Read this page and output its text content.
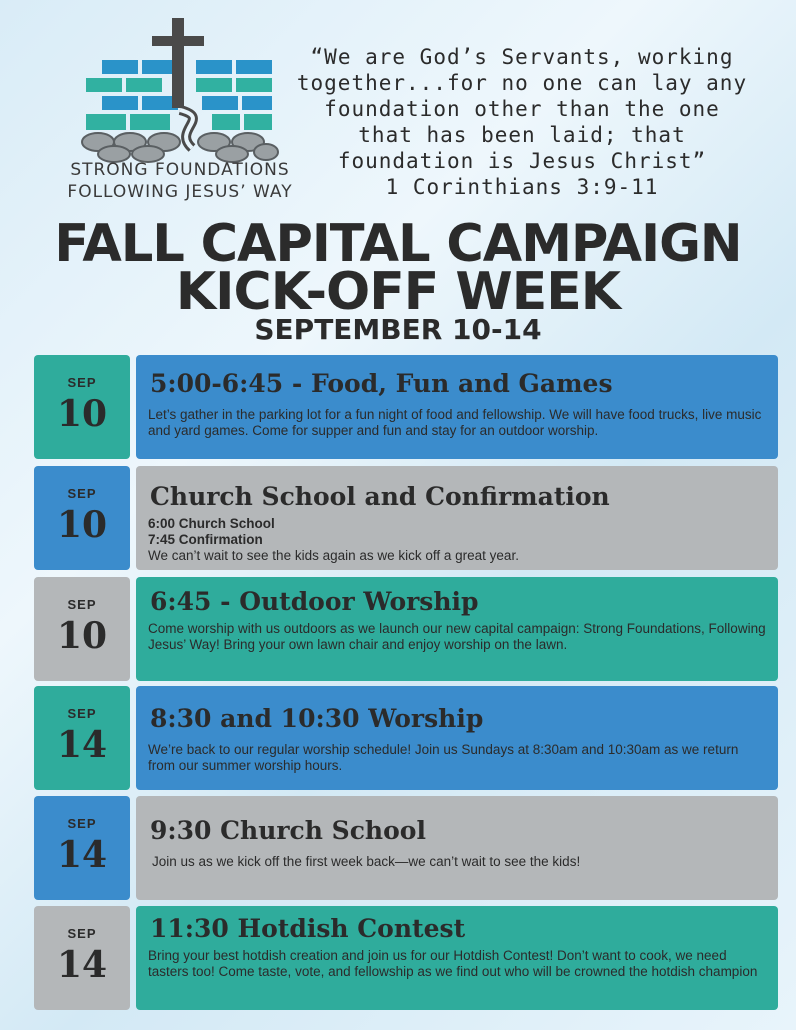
STRONG FOUNDATIONS
FOLLOWING JESUS’ WAY
“We are God’s Servants, working
together...for no one can lay any
foundation other than the one
that has been laid; that
foundation is Jesus Christ”
1 Corinthians 3:9-11
FALL CAPITAL CAMPAIGN
KICK-OFF WEEK
SEPTEMBER 10-14
SEP
10
5:00-6:45 - Food, Fun and Games
Let’s gather in the parking lot for a fun night of food and fellowship. We will have food trucks, live music and yard games. Come for supper and fun and stay for an outdoor worship.
SEP
10
Church School and Confirmation
6:00 Church School
7:45 Confirmation
We can’t wait to see the kids again as we kick off a great year.
SEP
10
6:45 - Outdoor Worship
Come worship with us outdoors as we launch our new capital campaign: Strong Foundations, Following Jesus’ Way! Bring your own lawn chair and enjoy worship on the lawn.
SEP
14
8:30 and 10:30 Worship
We’re back to our regular worship schedule! Join us Sundays at 8:30am and 10:30am as we return from our summer worship hours.
SEP
14
9:30 Church School
Join us as we kick off the first week back—we can’t wait to see the kids!
SEP
14
11:30 Hotdish Contest
Bring your best hotdish creation and join us for our Hotdish Contest! Don’t want to cook, we need tasters too! Come taste, vote, and fellowship as we find out who will be crowned the hotdish champion
